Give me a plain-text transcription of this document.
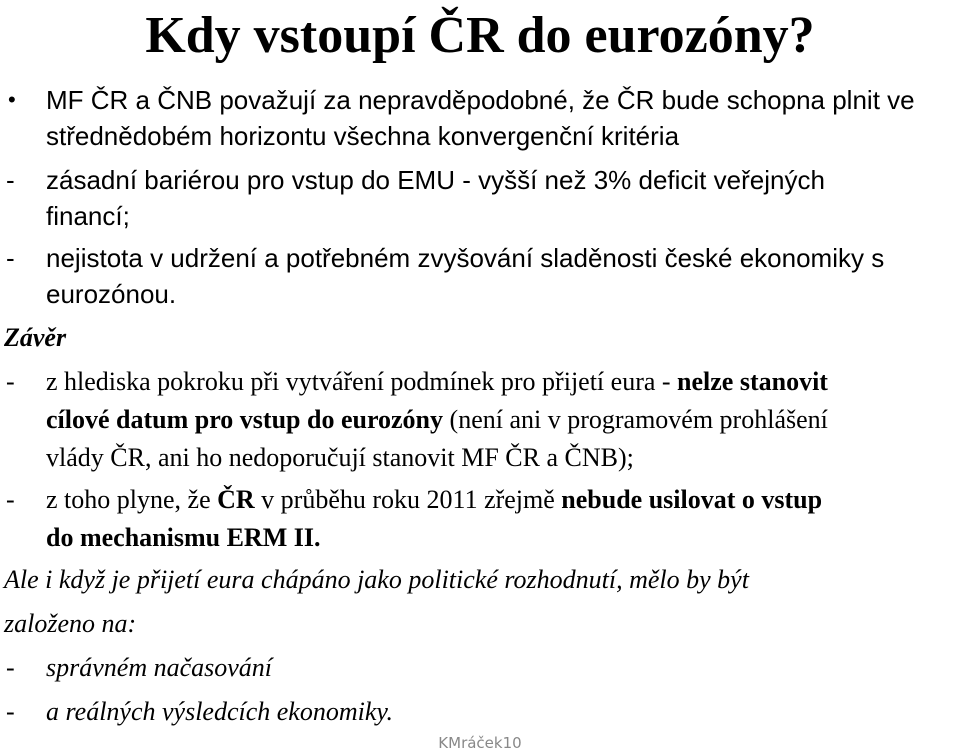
Kdy vstoupí ČR do eurozóny?
• MF ČR a ČNB považují za nepravděpodobné, že ČR bude schopna plnit ve
střednědobém horizontu všechna konvergenční kritéria
- zásadní bariérou pro vstup do EMU - vyšší než 3% deficit veřejných
financí;
- nejistota v udržení a potřebném zvyšování sladěnosti české ekonomiky s
eurozónou.
Závěr
- z hlediska pokroku při vytváření podmínek pro přijetí eura - nelze stanovit
cílové datum pro vstup do eurozóny (není ani v programovém prohlášení
vlády ČR, ani ho nedoporučují stanovit MF ČR a ČNB);
- z toho plyne, že ČR v průběhu roku 2011 zřejmě nebude usilovat o vstup
do mechanismu ERM II.
Ale i když je přijetí eura chápáno jako politické rozhodnutí, mělo by být
založeno na:
- správném načasování
- a reálných výsledcích ekonomiky.
KMráček10
